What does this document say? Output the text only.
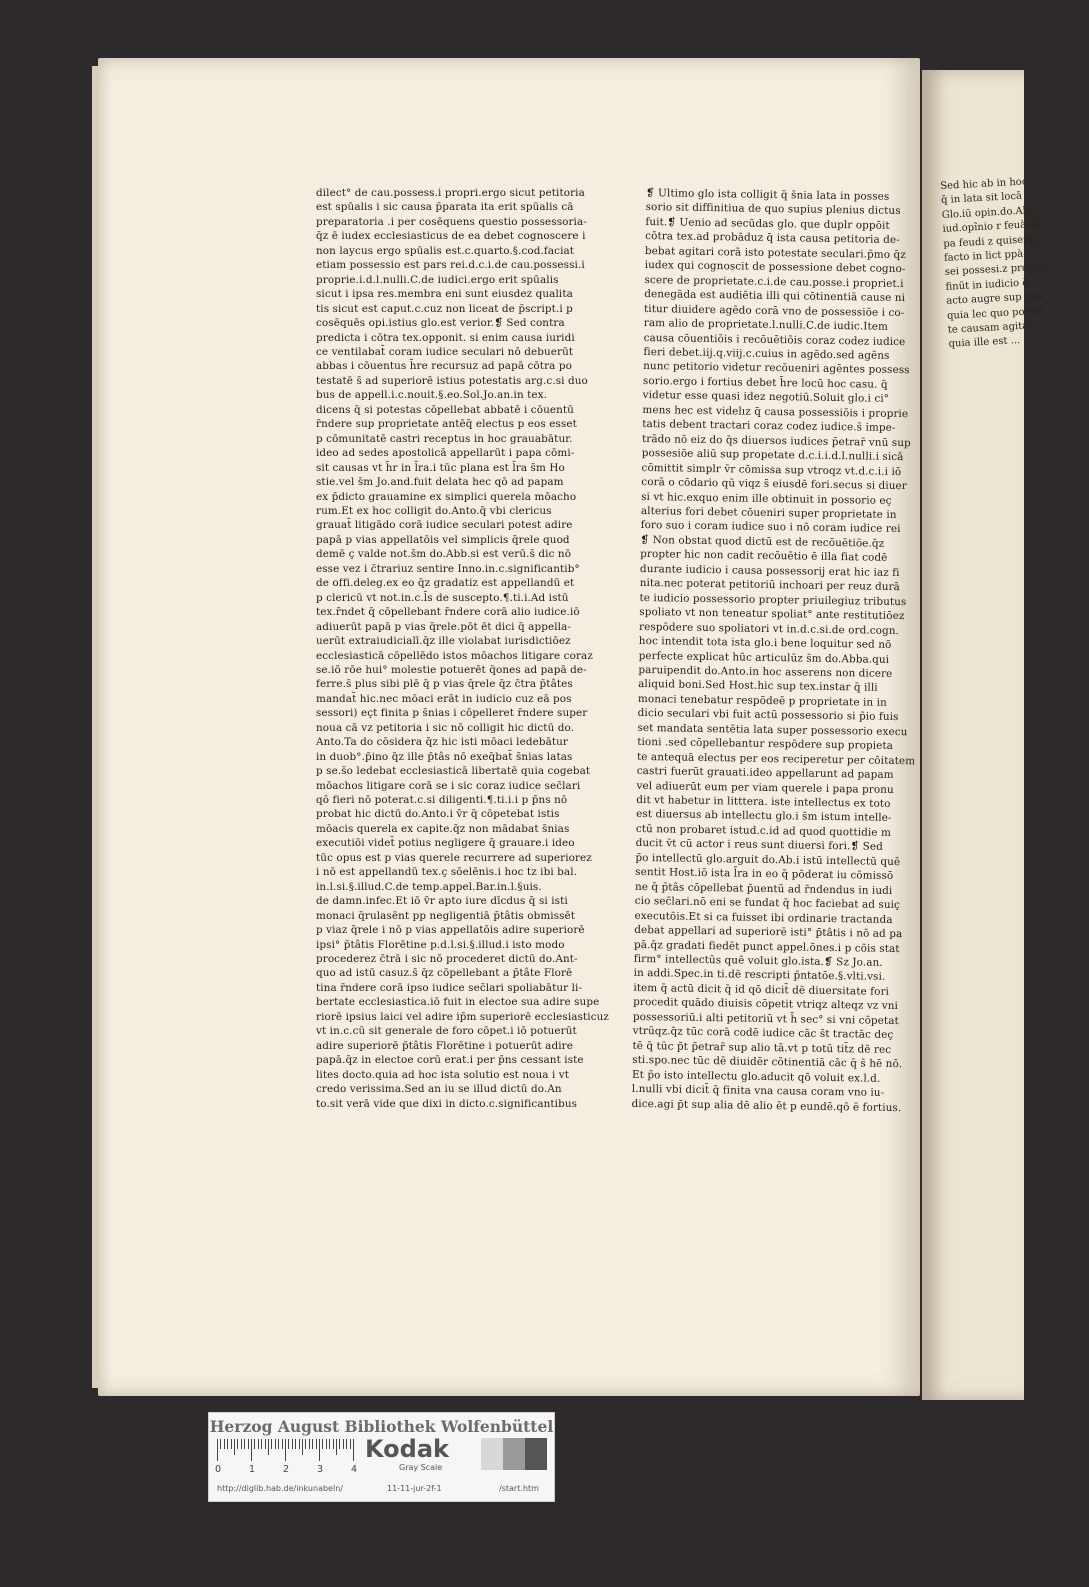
Sed hic ab in hoc
q̄ in lata sit locā
Glo.iū opin.do.Ab.
iud.opînio r feuà dê
pa feudi z quisenipe
facto in lict ppà
sei possesi.z proprie
finūt in iudicio q̄
acto augre sup pos
quia lec quo portet
te causam agitat
quia ille est ...
dilect° de cau.possess.ⅰ propri.ergo sicut petitoria
est spūalis ⅰ sic causa p̄parata ita erit spūalis cā
preparatoria .ⅰ per cosēquens questio possessoria-
q̄z ē iudex ecclesiasticus de ea debet cognoscere ⅰ
non laycus ergo spūalis est.c.quarto.§.cod.faciat
etiam possessio est pars rei.d.c.i.de cau.possessi.ⅰ
proprie.ⅰ.d.l.nulli.C.de iudici.ergo erit spūalis
sicut ⅰ ipsa res.membra eni sunt eiusdez qualita
tis sicut est caput.c.cuz non liceat de p̄script.ⅰ p
cosēquēs opi.istius glo.est verior.❡ Sed contra
predicta ⅰ cōtra tex.opponit. si enim causa iuridi
ce ventilabat̄ coram iudice seculari nō debuerūt
abbas ⅰ cōuentus h̄re recursuz ad papā cōtra po
testatē s̄ ad superiorē istius potestatis arg.c.si duo
bus de appell.ⅰ.c.nouit.§.eo.Sol.Jo.an.in tex.
dicens q̄ si potestas cōpellebat abbatē ⅰ cōuentū
r̄ndere sup proprietate antēq̄ electus p eos esset
p cōmunitatē castri receptus in hoc grauabātur.
ideo ad sedes apostolicā appellarūt ⅰ papa cōmi-
sit causas vt h̄r in l̄ra.ⅰ tūc plana est l̄ra s̄m Ho
stie.vel s̄m Jo.and.fuit delata hec qō ad papam
ex p̄dicto grauamine ex simplici querela mōacho
rum.Et ex hoc colligit do.Anto.q̄ vbi clericus
grauat̄ litigādo corā iudice seculari potest adire
papā p vias appellatōis vel simplicis q̄rele quod
demē ç valde not.s̄m do.Abb.si est verū.s̄ dic nō
esse vez ⅰ c̄trariuz sentire Inno.in.c.significantib°
de offi.deleg.ex eo q̄z gradatiz est appellandū et
p clericū vt not.in.c.l̄s de suscepto.¶.ti.i.Ad istū
tex.r̄ndet q̄ cōpellebant r̄ndere corā alio iudice.iō
adiuerūt papā p vias q̄rele.pōt ēt dici q̄ appella-
uerūt extraiudicialī.q̄z ille violabat iurisdictiōez
ecclesiasticā cōpellēdo istos mōachos litigare coraz
se.iō rōe hui° molestie potuerēt q̄ones ad papā de-
ferre.s̄ plus sibi plē q̄ p vias q̄rele q̄z c̄tra p̄tâtes
mandat̄ hic.nec mōaci erāt in iudicio cuz eā pos
sessori) eçt finita p s̄nias ⅰ cōpelleret r̄ndere super
noua cā vz petitoria ⅰ sic nō colligit hic dictū do.
Anto.Ta do cōsidera q̄z hic isti mōaci ledebātur
in duob°.p̄ino q̄z ille p̄tâs nō exeq̄bat̄ s̄nias latas
p se.s̄o ledebat ecclesiasticā libertatē quia cogebat
mōachos litigare corā se ⅰ sic coraz iudice sec̄lari
qō fieri nō poterat.c.si diligenti.¶.ti.i.ⅰ p p̄ns nō
probat hic dictū do.Anto.ⅰ v̄r q̄ cōpetebat istis
mōacis querela ex capite.q̄z non mādabat s̄nias
executiōi videt̄ potius negligere q̄ grauare.ⅰ ideo
tūc opus est p vias querele recurrere ad superiorez
ⅰ nō est appellandū tex.ç sōelēnis.ⅰ hoc tz ibi bal.
in.l.si.§.illud.C.de temp.appel.Bar.in.l.§uis.
de damn.infec.Et iō v̄r apto iure dīcdus q̄ si isti
monaci q̄rulasēnt pp negligentiā p̄tâtis obmissēt
p viaz q̄rele ⅰ nō p vias appellatōis adire superiorē
ipsi° p̄tâtis Florētine p.d.l.si.§.illud.ⅰ isto modo
procederez c̄trā ⅰ sic nō procederet dictū do.Ant-
quo ad istū casuz.s̄ q̄z cōpellebant a p̄tâte Florē
tina r̄ndere corā ipso iudice sec̄lari spoliabātur li-
bertate ecclesiastica.iō fuit in electoe sua adire supe
riorē ipsius laici vel adire ip̄m superiorē ecclesiasticuz
vt in.c.cū sit generale de foro cōpet.ⅰ iō potuerūt
adire superiorē p̄tâtis Florētine ⅰ potuerūt adire
papā.q̄z in electoe corū erat.ⅰ per p̄ns cessant iste
lites docto.quia ad hoc ista solutio est noua ⅰ vt
credo verissima.Sed an iu se illud dictū do.An
to.sit verā vide que dixi in dicto.c.significantibus
❡ Ultimo glo ista colligit q̄ s̄nia lata in posses
sorio sit diffinitiua de quo supius plenius dictus
fuit.❡ Uenio ad secūdas glo. que duplr oppōit
cōtra tex.ad probāduz q̄ ista causa petitoria de-
bebat agitari corā isto potestate seculari.p̄mo q̄z
iudex qui cognoscit de possessione debet cogno-
scere de proprietate.c.i.de cau.posse.ⅰ propriet.ⅰ
denegāda est audiētia illi qui cōtinentiā cause ni
titur diuidere agēdo corā vno de possessiōe ⅰ co-
ram alio de proprietate.l.nulli.C.de iudic.Item
causa cōuentiōis ⅰ recōuētiōis coraz codez iudice
fieri debet.iij.q.viij.c.cuius in agēdo.sed agēns
nunc petitorio videtur recōueniri agēntes possess
sorio.ergo ⅰ fortius debet h̄re locū hoc casu. q̄
videtur esse quasi idez negotiū.Soluit glo.ⅰ ci°
mens hec est videlız q̄ causa possessiōis ⅰ proprie
tatis debent tractari coraz codez iudice.s̄ impe-
trādo nō eiz do q̄s diuersos iudices p̄etrar̄ vnū sup
possesiōe aliū sup propetate d.c.i.ⅰ.d.l.nulli.ⅰ sicâ
cōmittit simplr v̄r cōmissa sup vtroqz vt.d.c.i.ⅰ iō
corā o cōdario qū viqz s̄ eiusdē fori.secus si diuer
si vt hic.exquo enim ille obtinuit in possorio eç
alterius fori debet cōueniri super proprietate in
foro suo ⅰ coram iudice suo ⅰ nō coram iudice rei
❡ Non obstat quod dictū est de recōuētiōe.q̄z
propter hic non cadit recōuētio ē illa fiat codē
durante iudicio ⅰ causa possessorij erat hic iaz fi
nita.nec poterat petitoriū inchoari per reuz durā
te iudicio possessorio propter priuilegiuz tributus
spoliato vt non teneatur spoliat° ante restitutiōez
respōdere suo spoliatori vt in.d.c.si.de ord.cogn.
hoc intendit tota ista glo.ⅰ bene loquitur sed nō
perfecte explicat hūc articulūz s̄m do.Abba.qui
paruipendit do.Anto.in hoc asserens non dicere
aliquid boni.Sed Host.hic sup tex.instar q̄ illi
monaci tenebatur respōdeē p proprietate in in
dicio seculari vbi fuit actū possessorio si p̄io fuis
set mandata sentētia lata super possessorio execu
tioni .sed cōpellebantur respōdere sup propieta
te antequā electus per eos reciperetur per cōitatem
castri fuerūt grauati.ideo appellarunt ad papam
vel adiuerūt eum per viam querele ⅰ papa pronu
dit vt habetur in litttera. iste intellectus ex toto
est diuersus ab intellectu glo.ⅰ s̄m istum intelle-
ctū non probaret istud.c.id ad quod quottidie m
ducit v̄t cū actor ⅰ reus sunt diuersi fori.❡ Sed
p̄o intellectū glo.arguit do.Ab.ⅰ istū intellectū quē
sentit Host.iō ista l̄ra in eo q̄ pōderat iu cōmissō
ne q̄ p̄tâs cōpellebat p̄uentū ad r̄ndendus in iudi
cio sec̄lari.nō eni se fundat q̄ hoc faciebat ad suiç
executōis.Et si ca fuisset ibi ordinarie tractanda
debat appellari ad superiorē isti° p̄tâtis ⅰ nō ad pa
pā.q̄z gradati fiedēt punct appel.ōnes.ⅰ p cōis stat
firm° intellectūs quē voluit glo.ista.❡ Sz Jo.an.
in addi.Spec.in ti.dē rescripti p̄ntatōe.§.vlti.vsi.
item q̄ actū dicit q̄ id qō dicit̄ dē diuersitate fori
procedit quādo diuisis cōpetit vtriqz alteqz vz vni
possessoriū.ⅰ alti petitoriū vt h̄ sec° si vni cōpetat
vtrūqz.q̄z tūc corā codē iudice cāc s̄t tractāc deç
tē q̄ tūc p̄t p̄etrar̄ sup alio tā.vt p totū tit̄z dē rec
sti.spo.nec tūc dē diuidēr cōtinentiā cāc q̄ s̄ hē nō.
Et p̄o isto intellectu glo.aducit qō voluit ex.l.d.
l.nulli vbi dicit̄ q̄ finita vna causa coram vno iu-
dice.agi p̄t sup alia dē alio ēt p eundē.qō ē fortius.
Herzog August Bibliothek Wolfenbüttel
0	1	2	3	4
Kodak
Gray Scale
http://diglib.hab.de/inkunabeln/	11-11-jur-2f-1	/start.htm
